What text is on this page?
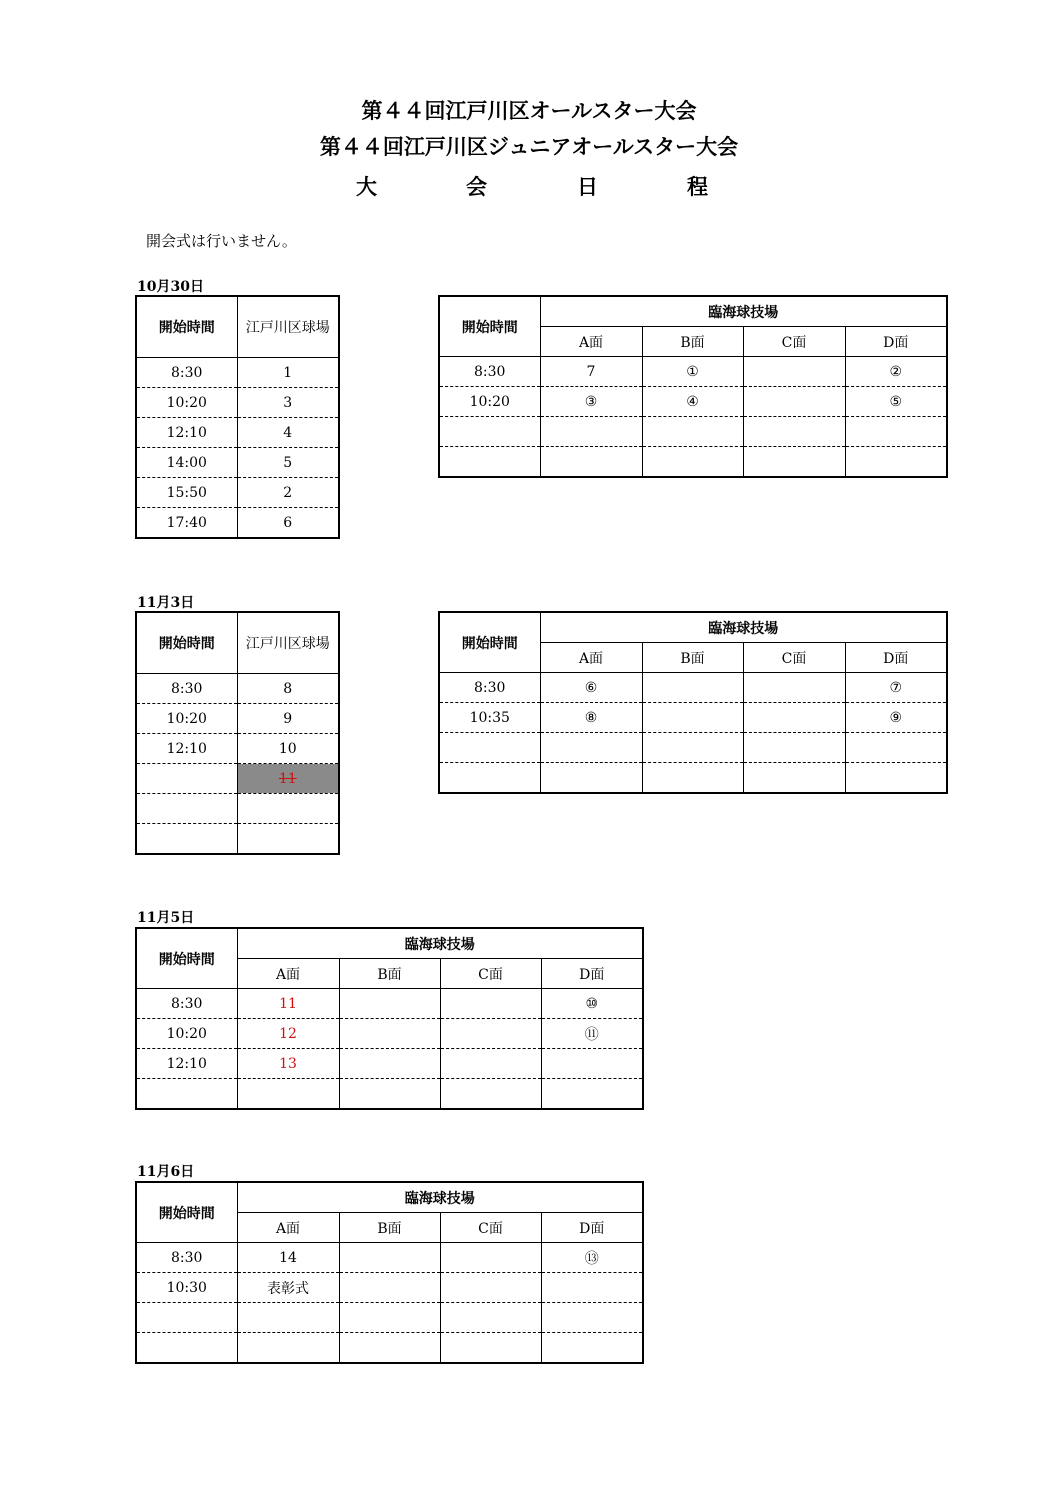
第４４回江戸川区オールスター大会
第４４回江戸川区ジュニアオールスター大会
大	会	日	程
開会式は行いません。
10月30日
開始時間	江戸川区球場
8:30	1
10:20	3
12:10	4
14:00	5
15:50	2
17:40	6
開始時間	臨海球技場			
	A面	B面	C面	D面
8:30	7	①		②
10:20	③	④		⑤

11月3日
開始時間	江戸川区球場
8:30	8
10:20	9
12:10	10
	11

開始時間	臨海球技場			
	A面	B面	C面	D面
8:30	⑥			⑦
10:35	⑧			⑨

11月5日
開始時間	臨海球技場			
	A面	B面	C面	D面
8:30	11			⑩
10:20	12			⑪
12:10	13			

11月6日
開始時間	臨海球技場			
	A面	B面	C面	D面
8:30	14			⑬
10:30	表彰式			
